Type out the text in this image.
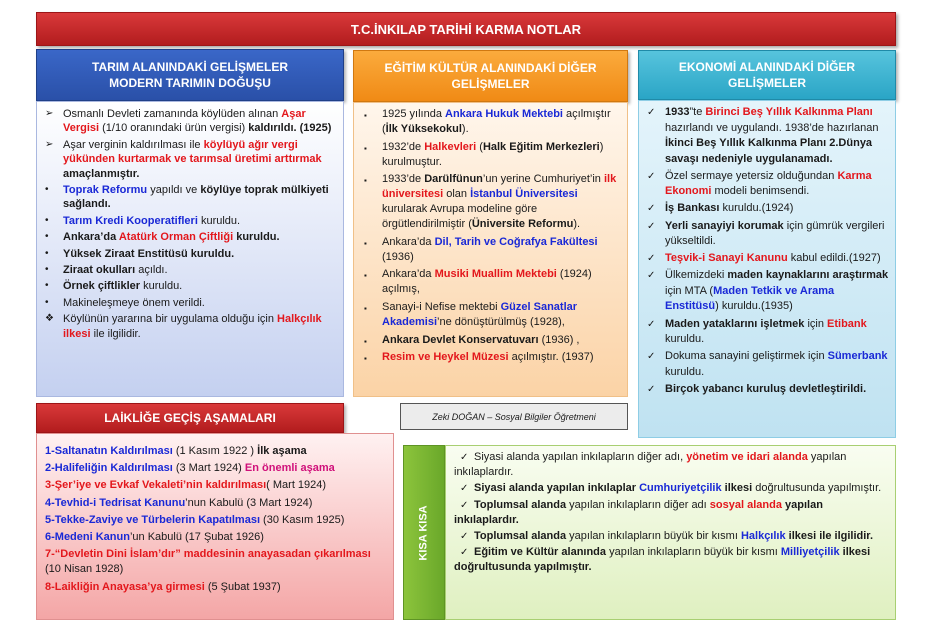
T.C.İNKILAP TARİHİ KARMA NOTLAR
TARIM ALANINDAKİ GELİŞMELER
MODERN TARIMIN DOĞUŞU
➢ Osmanlı Devleti zamanında köylüden alınan Aşar Vergisi (1/10 oranındaki ürün vergisi) kaldırıldı. (1925)
➢ Aşar verginin kaldırılması ile köylüyü ağır vergi yükünden kurtarmak ve tarımsal üretimi arttırmak amaçlanmıştır.
• Toprak Reformu yapıldı ve köylüye toprak mülkiyeti sağlandı.
• Tarım Kredi Kooperatifleri kuruldu.
• Ankara’da Atatürk Orman Çiftliği kuruldu.
• Yüksek Ziraat Enstitüsü kuruldu.
• Ziraat okulları açıldı.
• Örnek çiftlikler kuruldu.
• Makineleşmeye önem verildi.
❖ Köylünün yararına bir uygulama olduğu için Halkçılık ilkesi ile ilgilidir.
EĞİTİM KÜLTÜR ALANINDAKİ DİĞER
GELİŞMELER
▪ 1925 yılında Ankara Hukuk Mektebi açılmıştır (İlk Yüksekokul).
▪ 1932’de Halkevleri (Halk Eğitim Merkezleri) kurulmuştur.
▪ 1933’de Darülfünun’un yerine Cumhuriyet’in ilk üniversitesi olan İstanbul Üniversitesi kurularak Avrupa modeline göre örgütlendirilmiştir (Üniversite Reformu).
▪ Ankara’da Dil, Tarih ve Coğrafya Fakültesi (1936)
▪ Ankara’da Musiki Muallim Mektebi (1924) açılmış,
▪ Sanayi-i Nefise mektebi Güzel Sanatlar Akademisi’ne dönüştürülmüş (1928),
▪ Ankara Devlet Konservatuvarı (1936) ,
▪ Resim ve Heykel Müzesi açılmıştır. (1937)
EKONOMİ ALANINDAKİ DİĞER
GELİŞMELER
✓ 1933”te Birinci Beş Yıllık Kalkınma Planı hazırlandı ve uygulandı. 1938’de hazırlanan İkinci Beş Yıllık Kalkınma Planı 2.Dünya savaşı nedeniyle uygulanamadı.
✓ Özel sermaye yetersiz olduğundan Karma Ekonomi modeli benimsendi.
✓ İş Bankası kuruldu.(1924)
✓ Yerli sanayiyi korumak için gümrük vergileri yükseltildi.
✓ Teşvik-i Sanayi Kanunu kabul edildi.(1927)
✓ Ülkemizdeki maden kaynaklarını araştırmak için MTA (Maden Tetkik ve Arama Enstitüsü) kuruldu.(1935)
✓ Maden yataklarını işletmek için Etibank kuruldu.
✓ Dokuma sanayini geliştirmek için Sümerbank kuruldu.
✓ Birçok yabancı kuruluş devletleştirildi.
LAİKLİĞE GEÇİŞ AŞAMALARI
1-Saltanatın Kaldırılması (1 Kasım 1922 ) İlk aşama
2-Halifeliğin Kaldırılması (3 Mart 1924) En önemli aşama
3-Şer’iye ve Evkaf Vekaleti’nin kaldırılması( Mart 1924)
4-Tevhid-i Tedrisat Kanunu’nun Kabulü (3 Mart 1924)
5-Tekke-Zaviye ve Türbelerin Kapatılması (30 Kasım 1925)
6-Medeni Kanun’un Kabulü (17 Şubat 1926)
7-“Devletin Dini İslam’dır” maddesinin anayasadan çıkarılması (10 Nisan 1928)
8-Laikliğin Anayasa’ya girmesi (5 Şubat 1937)
Zeki DOĞAN – Sosyal Bilgiler Öğretmeni
KISA KISA
✓ Siyasi alanda yapılan inkılapların diğer adı, yönetim ve idari alanda yapılan inkılaplardır.
✓ Siyasi alanda yapılan inkılaplar Cumhuriyetçilik ilkesi doğrultusunda yapılmıştır.
✓ Toplumsal alanda yapılan inkılapların diğer adı sosyal alanda yapılan inkılaplardır.
✓ Toplumsal alanda yapılan inkılapların büyük bir kısmı Halkçılık ilkesi ile ilgilidir.
✓ Eğitim ve Kültür alanında yapılan inkılapların büyük bir kısmı Milliyetçilik ilkesi doğrultusunda yapılmıştır.
